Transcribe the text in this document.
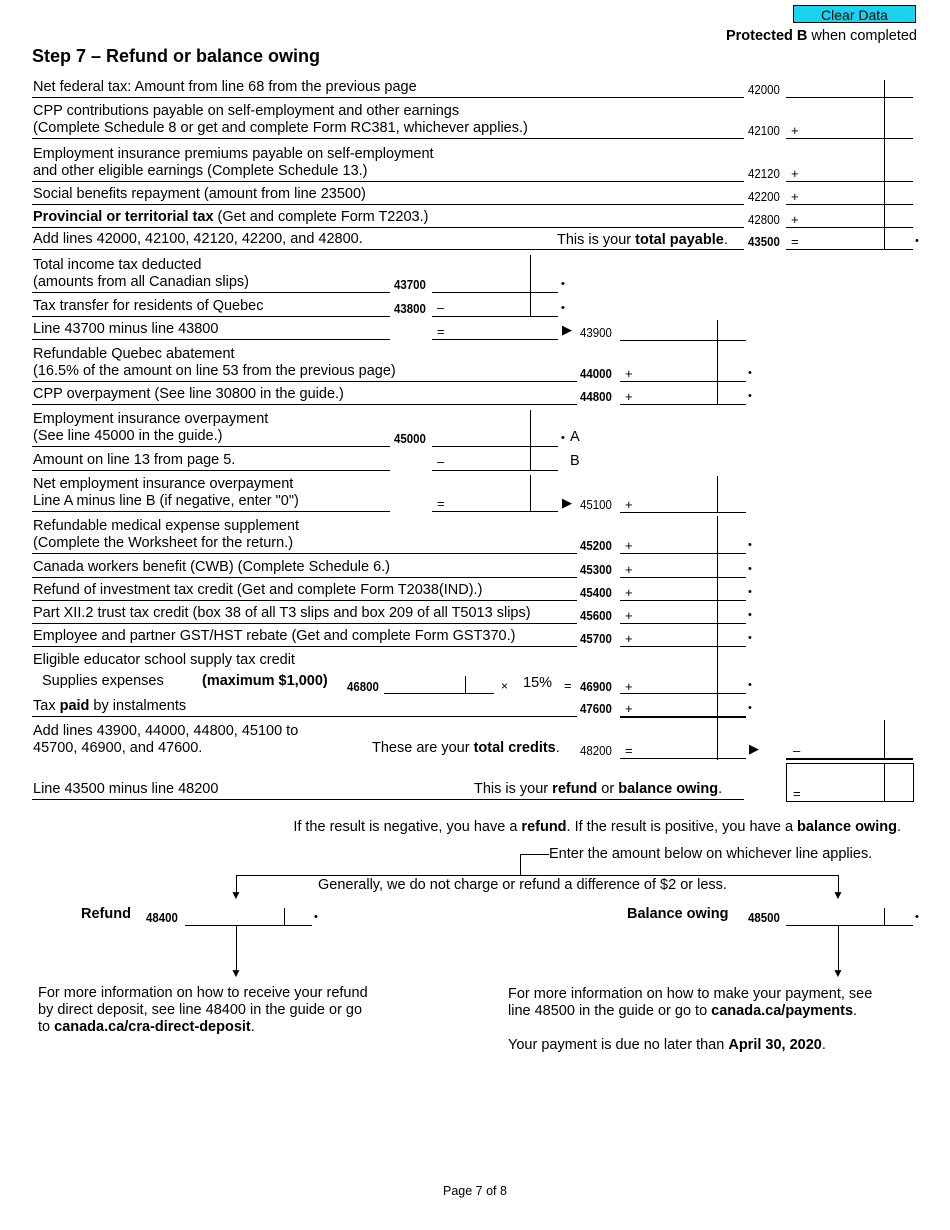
Clear Data
Protected B when completed
Step 7 – Refund or balance owing
Net federal tax: Amount from line 68 from the previous page	42000
CPP contributions payable on self-employment and other earnings
(Complete Schedule 8 or get and complete Form RC381, whichever applies.)	42100 +
Employment insurance premiums payable on self-employment
and other eligible earnings (Complete Schedule 13.)	42120 +
Social benefits repayment (amount from line 23500)	42200 +
Provincial or territorial tax (Get and complete Form T2203.)	42800 +
Add lines 42000, 42100, 42120, 42200, and 42800.	This is your total payable. 43500 =	•
Total income tax deducted
(amounts from all Canadian slips)	43700	•
Tax transfer for residents of Quebec	43800 –	•
Line 43700 minus line 43800	=	▶ 43900
Refundable Quebec abatement
(16.5% of the amount on line 53 from the previous page)	44000 +	•
CPP overpayment (See line 30800 in the guide.)	44800 +	•
Employment insurance overpayment
(See line 45000 in the guide.)	45000	• A
Amount on line 13 from page 5.	–	B
Net employment insurance overpayment
Line A minus line B (if negative, enter "0")	=	▶ 45100 +
Refundable medical expense supplement
(Complete the Worksheet for the return.)	45200 +	•
Canada workers benefit (CWB) (Complete Schedule 6.)	45300 +	•
Refund of investment tax credit (Get and complete Form T2038(IND).)	45400 +	•
Part XII.2 trust tax credit (box 38 of all T3 slips and box 209 of all T5013 slips)	45600 +	•
Employee and partner GST/HST rebate (Get and complete Form GST370.)	45700 +	•
Eligible educator school supply tax credit
Supplies expenses	(maximum $1,000) 46800	× 15% = 46900 +	•
Tax paid by instalments	47600 +	•
Add lines 43900, 44000, 44800, 45100 to
45700, 46900, and 47600.	These are your total credits. 48200 =	▶	–
Line 43500 minus line 48200	This is your refund or balance owing.	=
If the result is negative, you have a refund. If the result is positive, you have a balance owing.
Enter the amount below on whichever line applies.
▼	▼
Generally, we do not charge or refund a difference of $2 or less.
Refund 48400	•
▼
Balance owing 48500	•
▼
For more information on how to receive your refund
by direct deposit, see line 48400 in the guide or go
to canada.ca/cra-direct-deposit.
For more information on how to make your payment, see
line 48500 in the guide or go to canada.ca/payments.
Your payment is due no later than April 30, 2020.
Page 7 of 8
